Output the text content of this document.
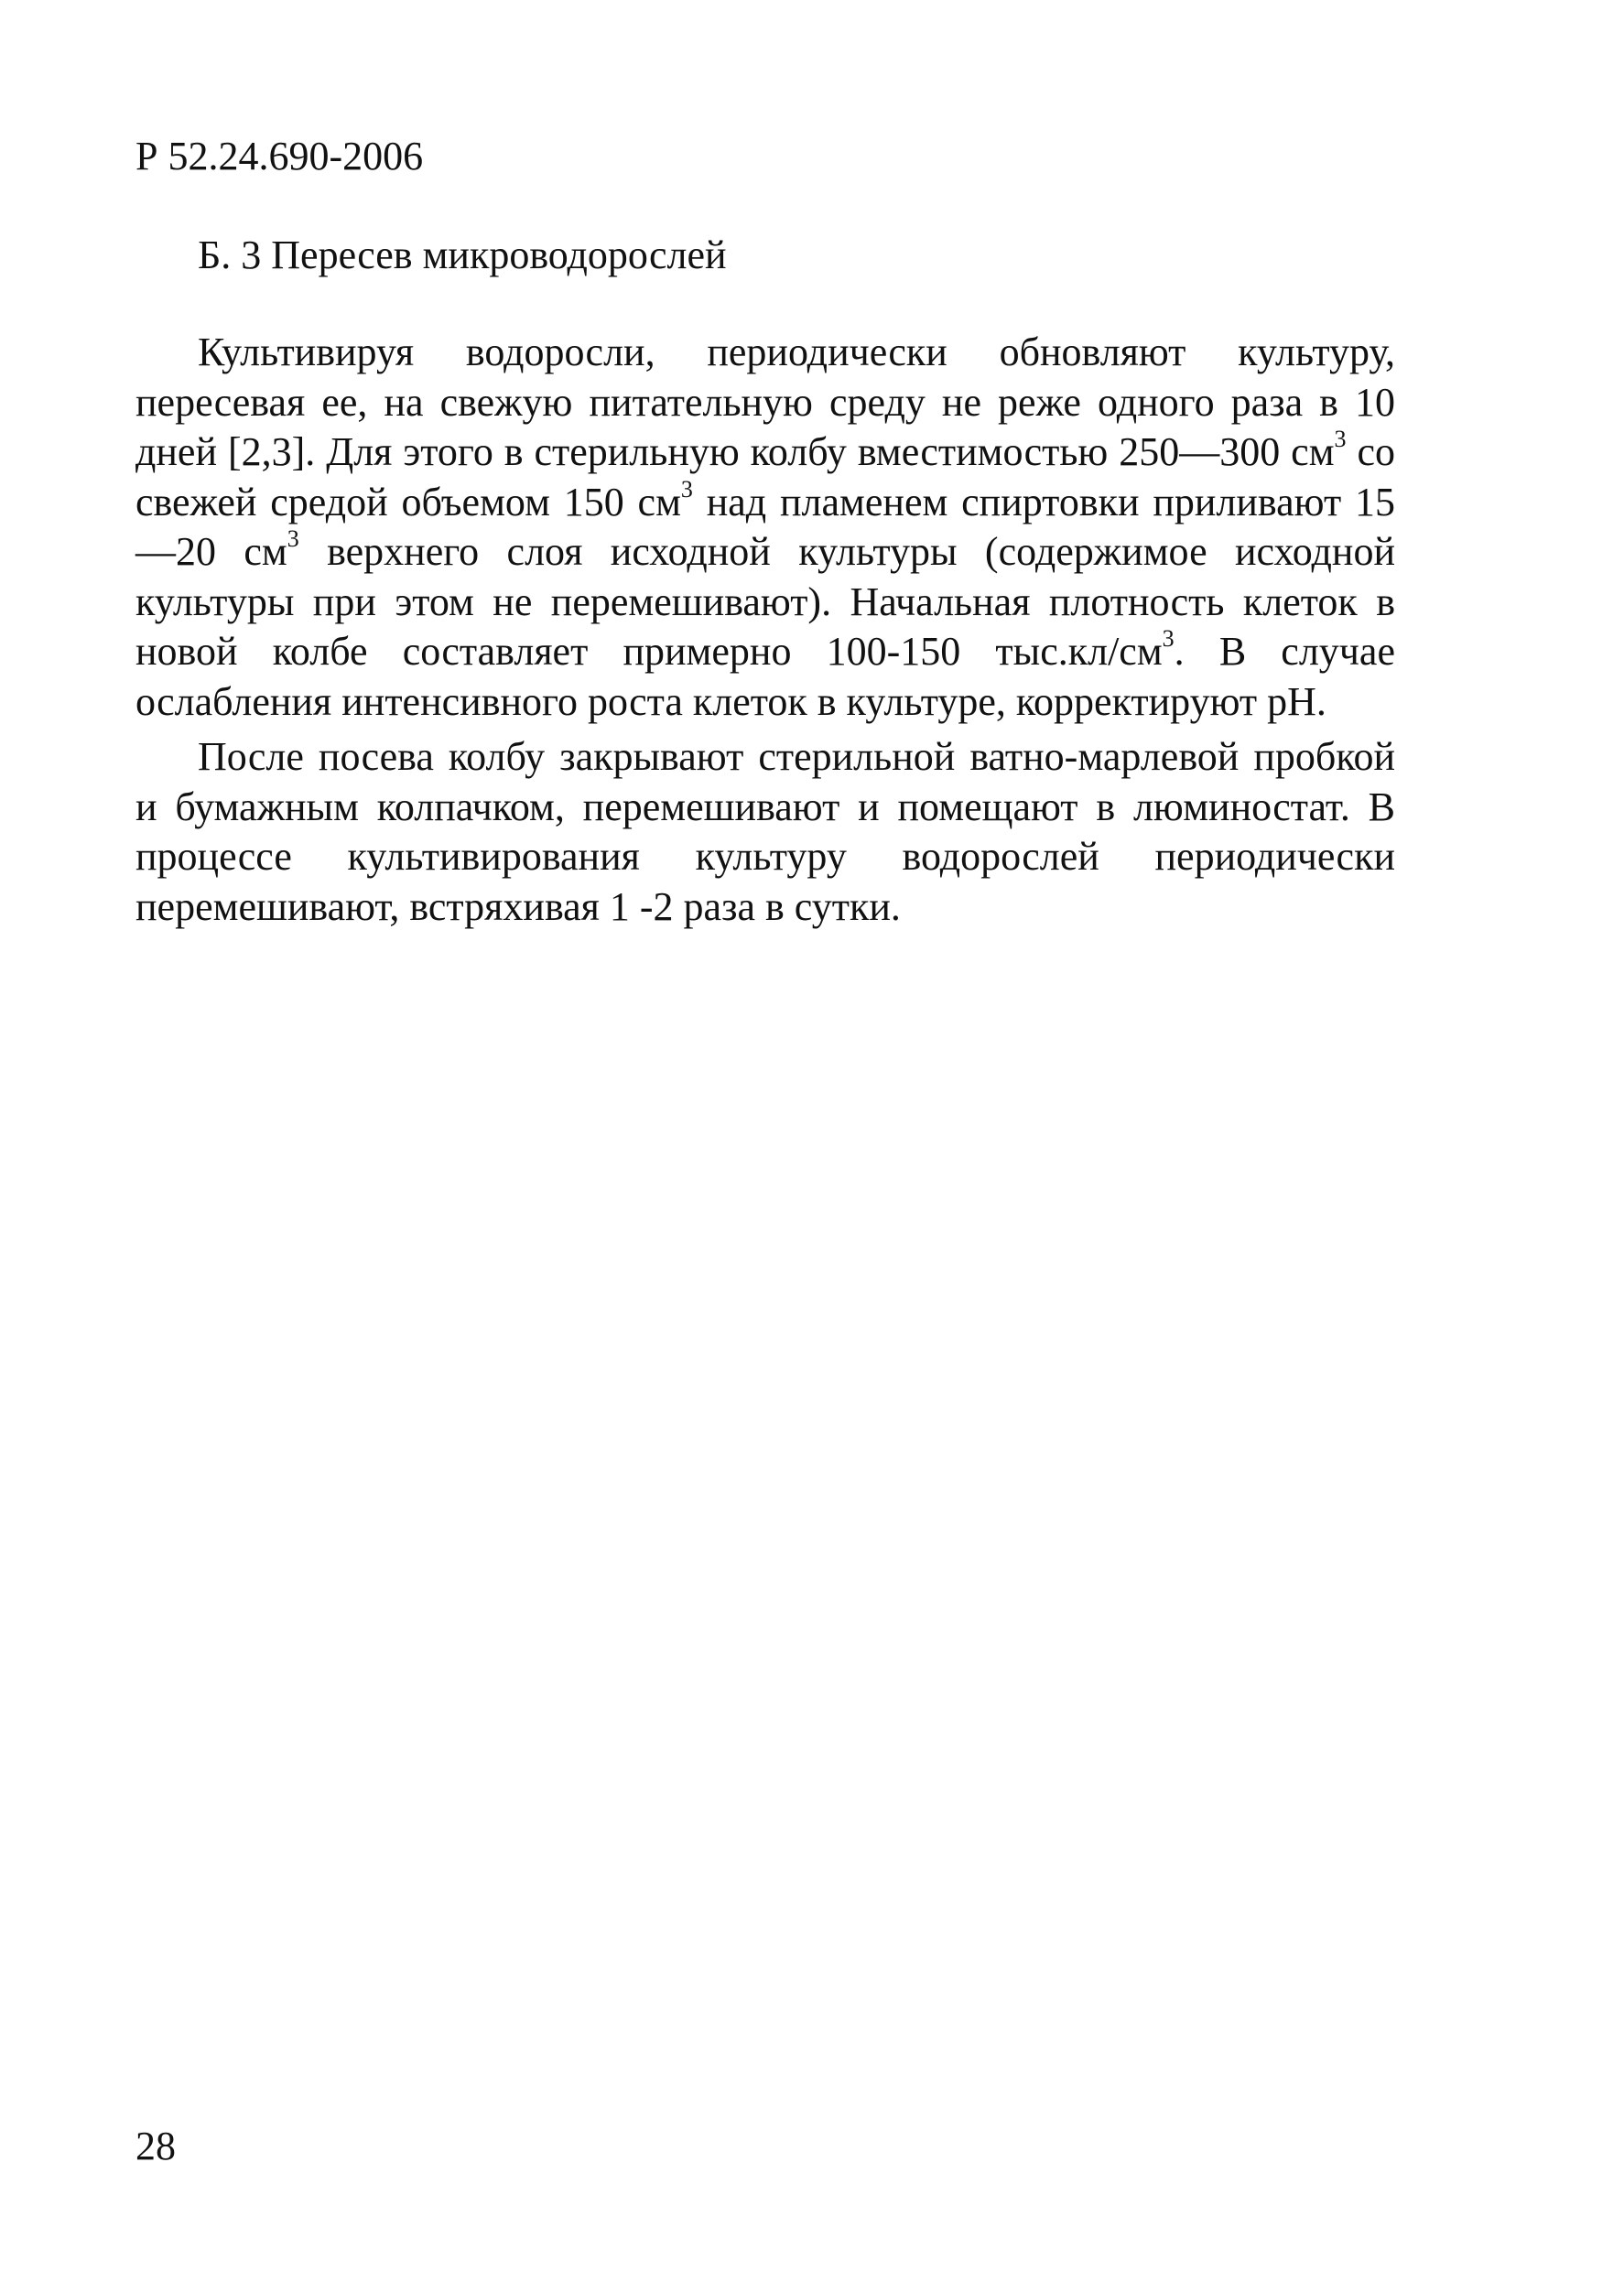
Р 52.24.690-2006

Б. 3 Пересев микроводорослей

Культивируя водоросли, периодически обновляют культуру, пересевая ее, на свежую питательную среду не реже одного раза в 10 дней [2,3]. Для этого в стерильную колбу вместимостью 250—300 $см^3$ со свежей средой объемом 150 $см^3$ над пламенем спиртовки приливают 15—20 $см^3$ верхнего слоя исходной культуры (содержимое исходной культуры при этом не перемешивают). Начальная плотность клеток в новой колбе составляет примерно 100-150 $тыс.кл/см^3$. В случае ослабления интенсивного роста клеток в культуре, корректируют pH.

После посева колбу закрывают стерильной ватно-марлевой пробкой и бумажным колпачком, перемешивают и помещают в люминостат. В процессе культивирования культуру водорослей периодически перемешивают, встряхивая 1 -2 раза в сутки.

28
